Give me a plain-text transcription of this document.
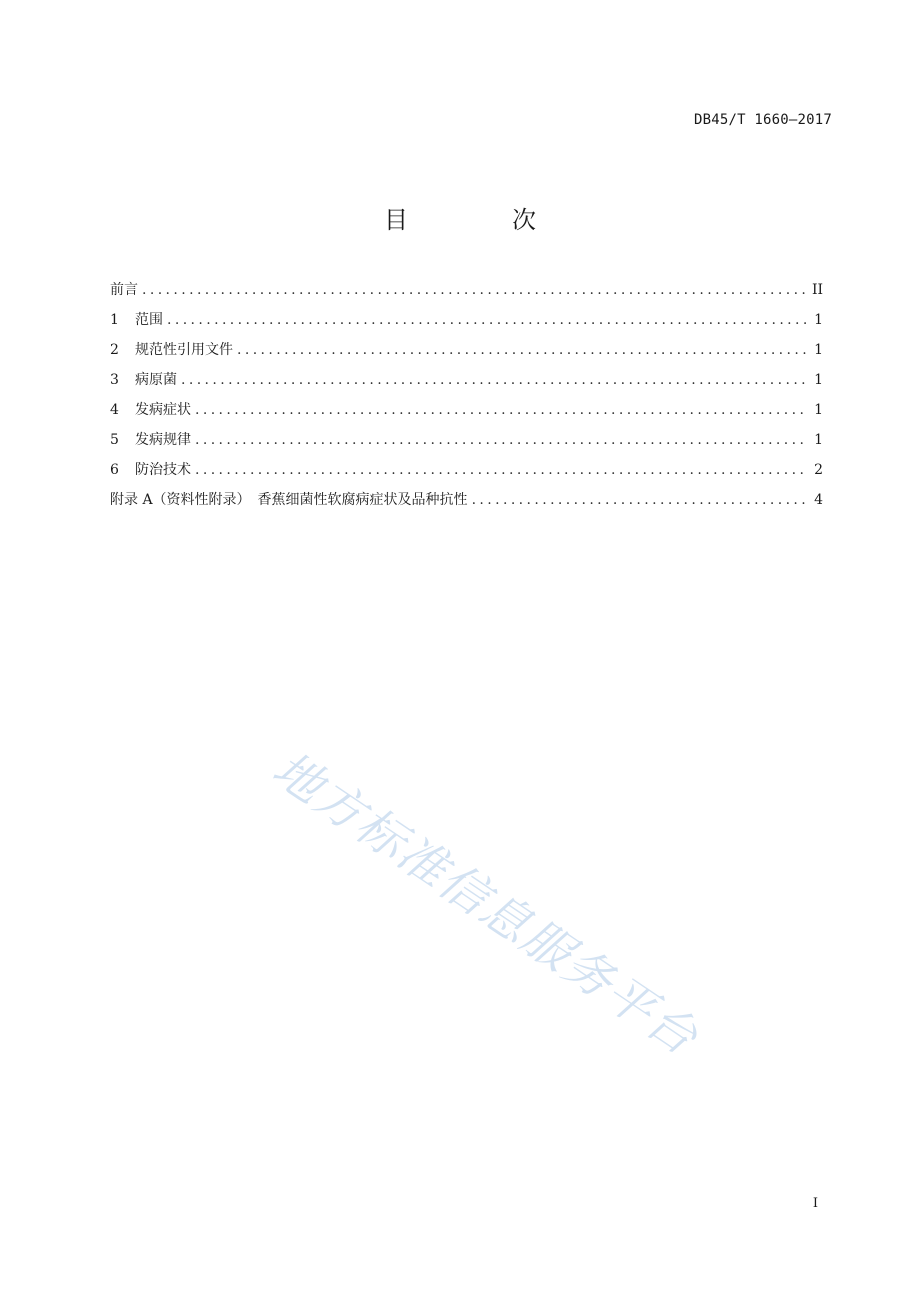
DB45/T 1660—2017
目　次
前言 .....	II
1	范围 .....	1
2	规范性引用文件 .....	1
3	病原菌 .....	1
4	发病症状 .....	1
5	发病规律 .....	1
6	防治技术 .....	2
附录 A（资料性附录）　香蕉细菌性软腐病症状及品种抗性 .....	4
地方标准信息服务平台
I
